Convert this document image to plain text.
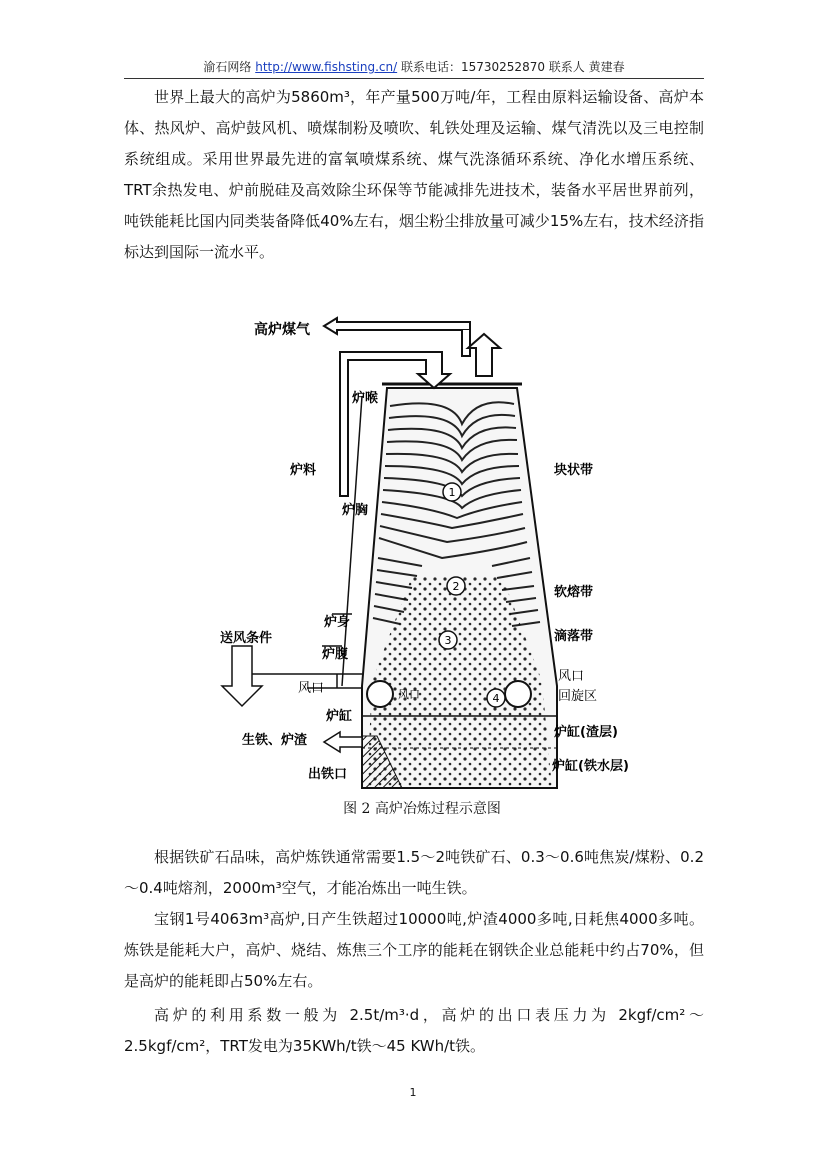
渝石网络 http://www.fishsting.cn/ 联系电话：15730252870 联系人 黄建春

世界上最大的高炉为5860m³，年产量500万吨/年，工程由原料运输设备、高炉本体、热风炉、高炉鼓风机、喷煤制粉及喷吹、轧铁处理及运输、煤气清洗以及三电控制系统组成。采用世界最先进的富氧喷煤系统、煤气洗涤循环系统、净化水增压系统、TRT余热发电、炉前脱硅及高效除尘环保等节能减排先进技术，装备水平居世界前列，吨铁能耗比国内同类装备降低40%左右，烟尘粉尘排放量可减少15%左右，技术经济指标达到国际一流水平。

1
2
3
4
高炉煤气
炉喉
炉料
炉胸
炉身
炉腹
送风条件
风口
炉缸
生铁、炉渣
出铁口
风口
块状带
软熔带
滴落带
风口
回旋区
炉缸(渣层)
炉缸(铁水层)
图 2 高炉冶炼过程示意图

根据铁矿石品味，高炉炼铁通常需要1.5～2吨铁矿石、0.3～0.6吨焦炭/煤粉、0.2～0.4吨熔剂，2000m³空气，才能冶炼出一吨生铁。

宝钢1号4063m³高炉,日产生铁超过10000吨,炉渣4000多吨,日耗焦4000多吨。炼铁是能耗大户，高炉、烧结、炼焦三个工序的能耗在钢铁企业总能耗中约占70%，但是高炉的能耗即占50%左右。

高炉的利用系数一般为 2.5t/m³·d，高炉的出口表压力为 2kgf/cm²～2.5kgf/cm²，TRT发电为35KWh/t铁～45 KWh/t铁。

1
